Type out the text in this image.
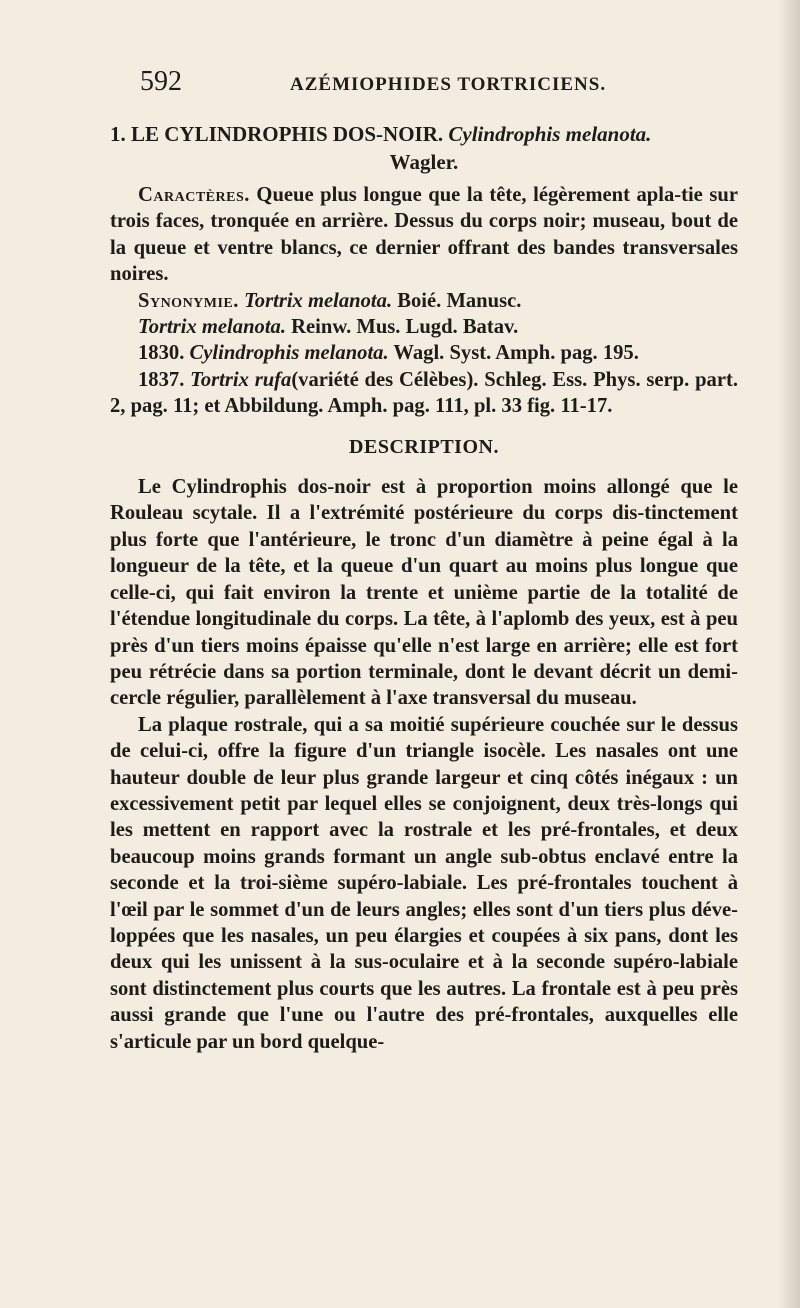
592	AZÉMIOPHIDES TORTRICIENS.
1. LE CYLINDROPHIS DOS-NOIR. Cylindrophis melanota.
Wagler.

Caractères. Queue plus longue que la tête, légèrement apla-tie sur trois faces, tronquée en arrière. Dessus du corps noir; museau, bout de la queue et ventre blancs, ce dernier offrant des bandes transversales noires.

Synonymie. Tortrix melanota. Boié. Manusc.

Tortrix melanota. Reinw. Mus. Lugd. Batav.

1830. Cylindrophis melanota. Wagl. Syst. Amph. pag. 195.

1837. Tortrix rufa(variété des Célèbes). Schleg. Ess. Phys. serp. part. 2, pag. 11; et Abbildung. Amph. pag. 111, pl. 33 fig. 11-17.

DESCRIPTION.

Le Cylindrophis dos-noir est à proportion moins allongé que le Rouleau scytale. Il a l'extrémité postérieure du corps dis-tinctement plus forte que l'antérieure, le tronc d'un diamètre à peine égal à la longueur de la tête, et la queue d'un quart au moins plus longue que celle-ci, qui fait environ la trente et unième partie de la totalité de l'étendue longitudinale du corps. La tête, à l'aplomb des yeux, est à peu près d'un tiers moins épaisse qu'elle n'est large en arrière; elle est fort peu rétrécie dans sa portion terminale, dont le devant décrit un demi-cercle régulier, parallèlement à l'axe transversal du museau.

La plaque rostrale, qui a sa moitié supérieure couchée sur le dessus de celui-ci, offre la figure d'un triangle isocèle. Les nasales ont une hauteur double de leur plus grande largeur et cinq côtés inégaux : un excessivement petit par lequel elles se conjoignent, deux très-longs qui les mettent en rapport avec la rostrale et les pré-frontales, et deux beaucoup moins grands formant un angle sub-obtus enclavé entre la seconde et la troi-sième supéro-labiale. Les pré-frontales touchent à l'œil par le sommet d'un de leurs angles; elles sont d'un tiers plus déve-loppées que les nasales, un peu élargies et coupées à six pans, dont les deux qui les unissent à la sus-oculaire et à la seconde supéro-labiale sont distinctement plus courts que les autres. La frontale est à peu près aussi grande que l'une ou l'autre des pré-frontales, auxquelles elle s'articule par un bord quelque-
